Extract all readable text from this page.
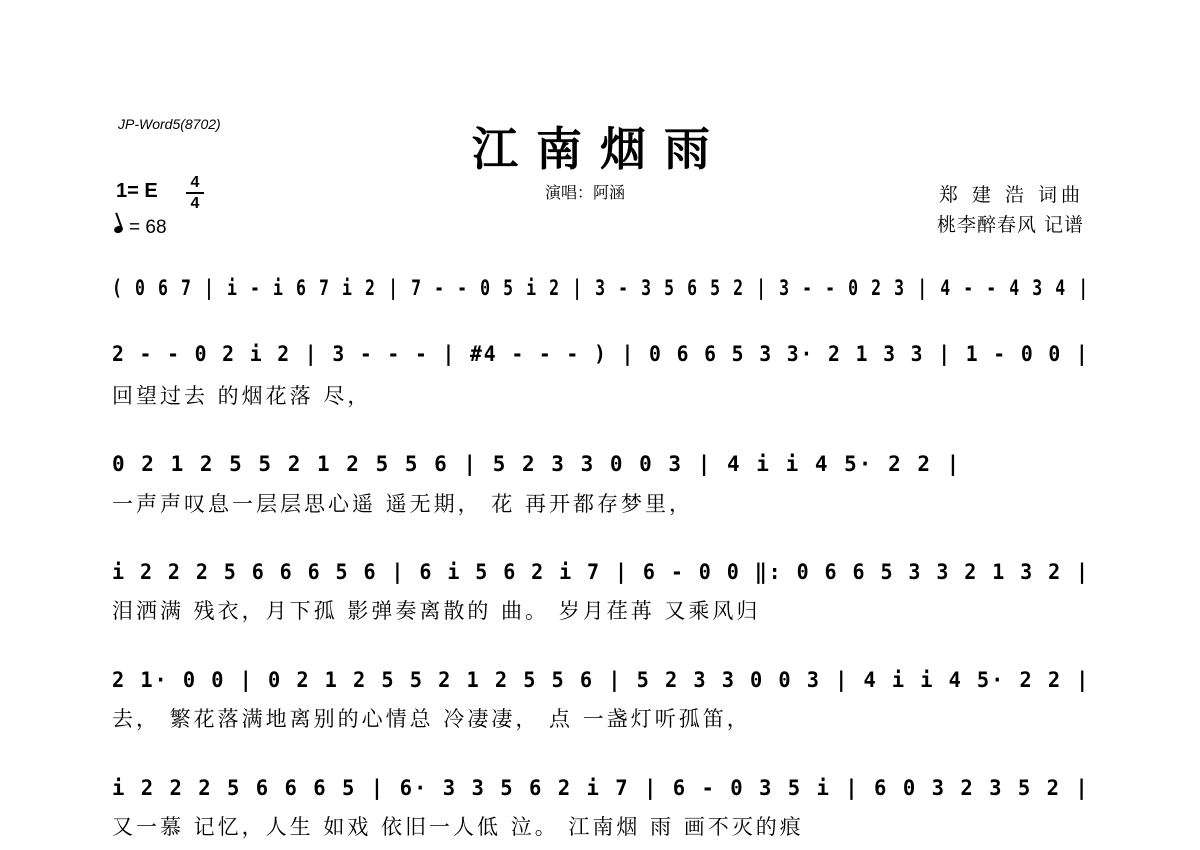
JP-Word5(8702)	江南烟雨
1= E 4
4
= 68
演唱：阿涵	郑 建 浩 词曲
桃李醉春风 记谱
( 0 6 7 | i - i 6 7 i 2 | 7 - - 0 5 i 2 | 3 - 3 5 6 5 2 | 3 - - 0 2 3 | 4 - - 4 3 4 |
2 - - 0 2 i 2 | 3 - - - | #4 - - - ) | 0 6 6 5 3 3· 2 1 3 3 | 1 - 0 0 |
回望过去 的烟花落 尽，
0 2 1 2 5 5 2 1 2 5 5 6 | 5 2 3 3 0 0 3 | 4 i i 4 5· 2 2 |
一声声叹息一层层思心遥 遥无期， 花 再开都存梦里，
i 2 2 2 5 6 6 6 5 6 | 6 i 5 6 2 i 7 | 6 - 0 0 ‖: 0 6 6 5 3 3 2 1 3 2 |
泪洒满 残衣，月下孤 影弹奏离散的 曲。 岁月荏苒 又乘风归
2 1· 0 0 | 0 2 1 2 5 5 2 1 2 5 5 6 | 5 2 3 3 0 0 3 | 4 i i 4 5· 2 2 |
去， 繁花落满地离别的心情总 冷凄凄， 点 一盏灯听孤笛，
i 2 2 2 5 6 6 6 5 | 6· 3 3 5 6 2 i 7 | 6 - 0 3 5 i | 6 0 3 2 3 5 2 |
又一慕 记忆，人生 如戏 依旧一人低 泣。 江南烟 雨 画不灭的痕
